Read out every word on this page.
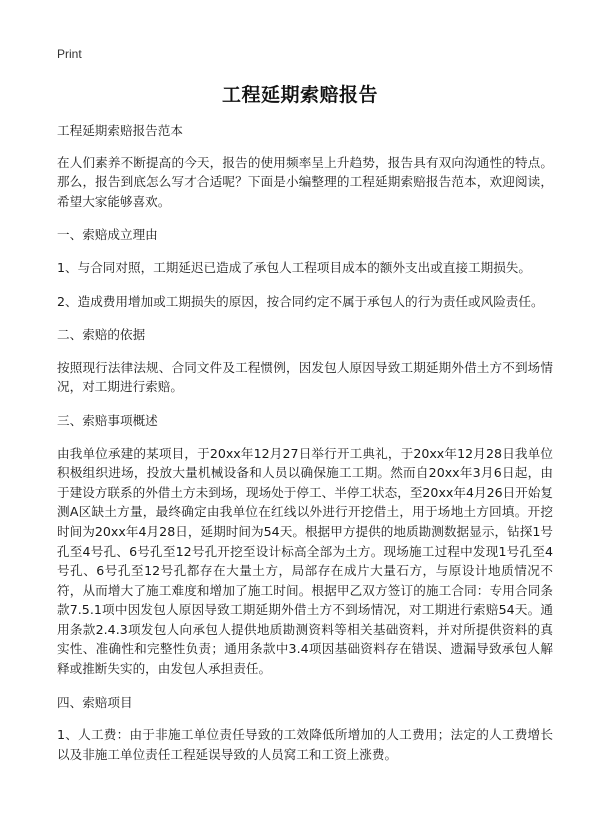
Print
工程延期索赔报告

工程延期索赔报告范本

在人们素养不断提高的今天，报告的使用频率呈上升趋势，报告具有双向沟通性的特点。那么，报告到底怎么写才合适呢？下面是小编整理的工程延期索赔报告范本，欢迎阅读，希望大家能够喜欢。

一、索赔成立理由

1、与合同对照，工期延迟已造成了承包人工程项目成本的额外支出或直接工期损失。

2、造成费用增加或工期损失的原因，按合同约定不属于承包人的行为责任或风险责任。

二、索赔的依据

按照现行法律法规、合同文件及工程惯例，因发包人原因导致工期延期外借土方不到场情况，对工期进行索赔。

三、索赔事项概述

由我单位承建的某项目，于20xx年12月27日举行开工典礼，于20xx年12月28日我单位积极组织进场，投放大量机械设备和人员以确保施工工期。然而自20xx年3月6日起，由于建设方联系的外借土方未到场，现场处于停工、半停工状态，至20xx年4月26日开始复测A区缺土方量，最终确定由我单位在红线以外进行开挖借土，用于场地土方回填。开挖时间为20xx年4月28日，延期时间为54天。根据甲方提供的地质勘测数据显示，钻探1号孔至4号孔、6号孔至12号孔开挖至设计标高全部为土方。现场施工过程中发现1号孔至4号孔、6号孔至12号孔都存在大量土方，局部存在成片大量石方，与原设计地质情况不符，从而增大了施工难度和增加了施工时间。根据甲乙双方签订的施工合同：专用合同条款7.5.1项中因发包人原因导致工期延期外借土方不到场情况，对工期进行索赔54天。通用条款2.4.3项发包人向承包人提供地质勘测资料等相关基础资料，并对所提供资料的真实性、准确性和完整性负责；通用条款中3.4项因基础资料存在错误、遗漏导致承包人解释或推断失实的，由发包人承担责任。

四、索赔项目

1、人工费：由于非施工单位责任导致的工效降低所增加的人工费用；法定的人工费增长以及非施工单位责任工程延误导致的人员窝工和工资上涨费。
